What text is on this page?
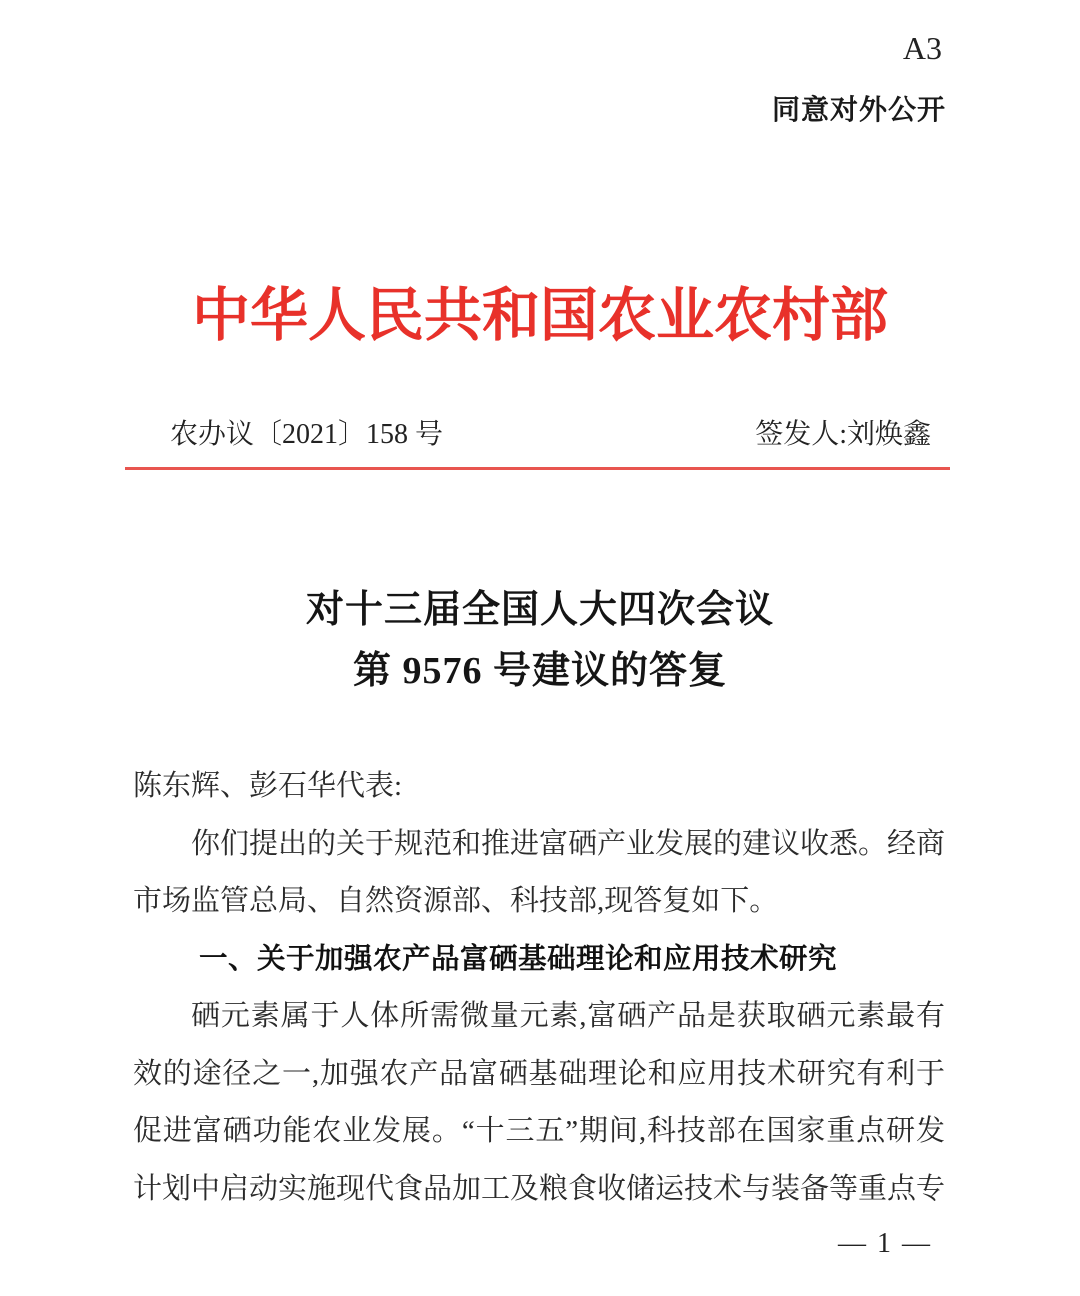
A3
同意对外公开
中华人民共和国农业农村部
农办议〔2021〕158 号	签发人:刘焕鑫
对十三届全国人大四次会议
第 9576 号建议的答复
陈东辉、彭石华代表:
你们提出的关于规范和推进富硒产业发展的建议收悉。经商
市场监管总局、自然资源部、科技部,现答复如下。
一、关于加强农产品富硒基础理论和应用技术研究
硒元素属于人体所需微量元素,富硒产品是获取硒元素最有
效的途径之一,加强农产品富硒基础理论和应用技术研究有利于
促进富硒功能农业发展。“十三五”期间,科技部在国家重点研发
计划中启动实施现代食品加工及粮食收储运技术与装备等重点专
— 1 —
